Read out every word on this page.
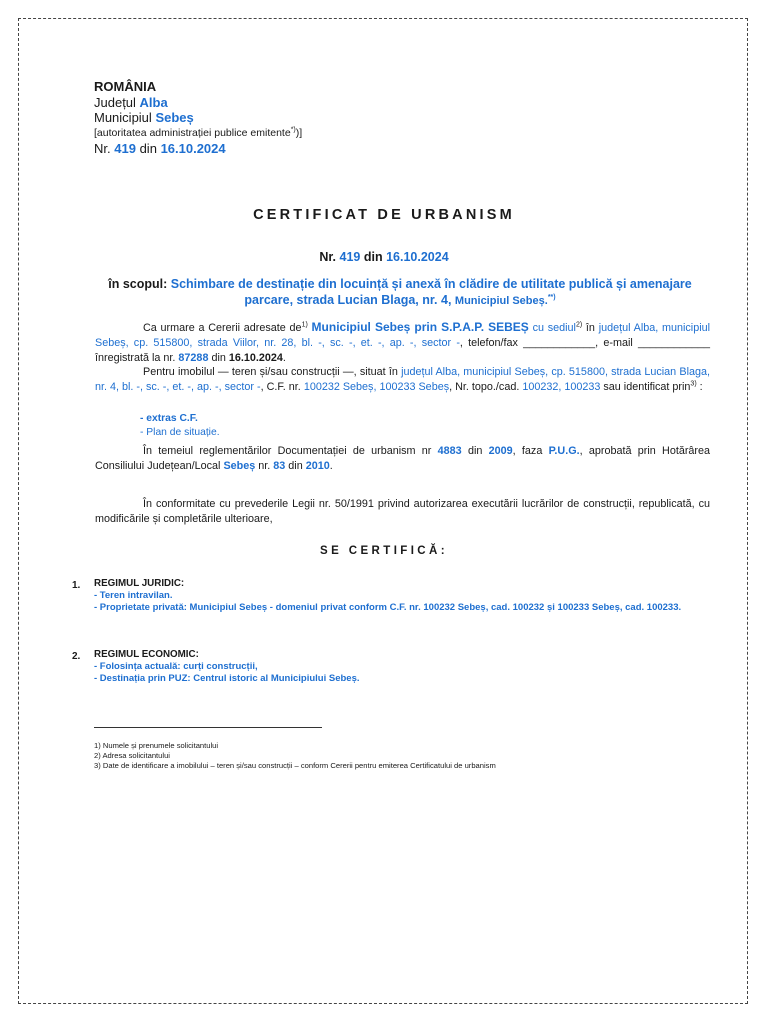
ROMÂNIA
Județul Alba
Municipiul Sebeș
[autoritatea administrației publice emitente*))]
Nr. 419 din 16.10.2024
CERTIFICAT DE URBANISM
Nr. 419 din 16.10.2024
în scopul: Schimbare de destinație din locuință și anexă în clădire de utilitate publică și amenajare parcare, strada Lucian Blaga, nr. 4, Municipiul Sebeș.**)
Ca urmare a Cererii adresate $de^{1)}$ Municipiul Sebeș prin S.P.A.P. SEBEȘ cu sediul$^{2)}$ în județul Alba, municipiul Sebeș, cp. 515800, strada Viilor, nr. 28, bl. -, sc. -, et. -, ap. -, sector -, telefon/fax ____________, e-mail ____________ înregistrată la nr. 87288 din 16.10.2024.
Pentru imobilul — teren și/sau construcții —, situat în județul Alba, municipiul Sebeș, cp. 515800, strada Lucian Blaga, nr. 4, bl. -, sc. -, et. -, ap. -, sector -, C.F. nr. 100232 Sebeș, 100233 Sebeș, Nr. topo./cad. 100232, 100233 sau identificat prin$^{3)}$ :
- extras C.F.
- Plan de situație.
În temeiul reglementărilor Documentației de urbanism nr 4883 din 2009, faza P.U.G., aprobată prin Hotărârea Consiliului Județean/Local Sebeș nr. 83 din 2010.
În conformitate cu prevederile Legii nr. 50/1991 privind autorizarea executării lucrărilor de construcții, republicată, cu modificările și completările ulterioare,
SE CERTIFICĂ:
1. REGIMUL JURIDIC:
- Teren intravilan.
- Proprietate privată: Municipiul Sebeș - domeniul privat conform C.F. nr. 100232 Sebeș, cad. 100232 și 100233 Sebeș, cad. 100233.
2. REGIMUL ECONOMIC:
- Folosința actuală: curți construcții,
- Destinația prin PUZ: Centrul istoric al Municipiului Sebeș.
1) Numele și prenumele solicitantului
2) Adresa solicitantului
3) Date de identificare a imobilului – teren și/sau construcții – conform Cererii pentru emiterea Certificatului de urbanism
